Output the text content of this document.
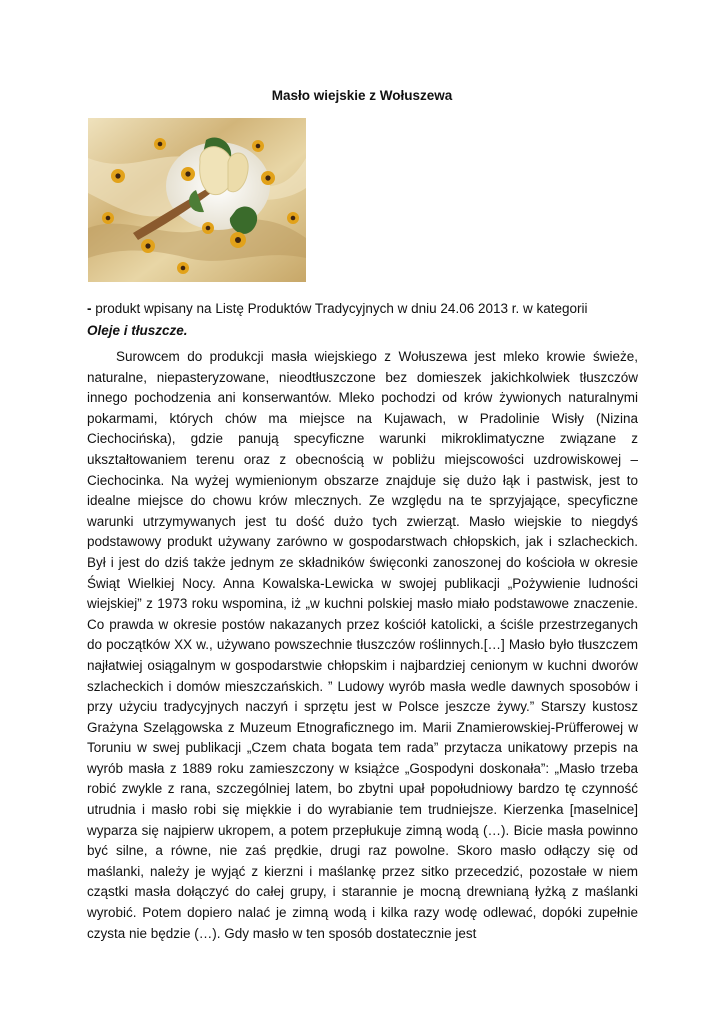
Masło wiejskie z Wołuszewa
- produkt wpisany na Listę Produktów Tradycyjnych w dniu 24.06 2013 r. w kategorii
Oleje i tłuszcze.

Surowcem do produkcji masła wiejskiego z Wołuszewa jest mleko krowie świeże, naturalne, niepasteryzowane, nieodtłuszczone bez domieszek jakichkolwiek tłuszczów innego pochodzenia ani konserwantów. Mleko pochodzi od krów żywionych naturalnymi pokarmami, których chów ma miejsce na Kujawach, w Pradolinie Wisły (Nizina Ciechocińska), gdzie panują specyficzne warunki mikroklimatyczne związane z ukształtowaniem terenu oraz z obecnością w pobliżu miejscowości uzdrowiskowej – Ciechocinka. Na wyżej wymienionym obszarze znajduje się dużo łąk i pastwisk, jest to idealne miejsce do chowu krów mlecznych. Ze względu na te sprzyjające, specyficzne warunki utrzymywanych jest tu dość dużo tych zwierząt. Masło wiejskie to niegdyś podstawowy produkt używany zarówno w gospodarstwach chłopskich, jak i szlacheckich. Był i jest do dziś także jednym ze składników święconki zanoszonej do kościoła w okresie Świąt Wielkiej Nocy. Anna Kowalska-Lewicka w swojej publikacji „Pożywienie ludności wiejskiej” z 1973 roku wspomina, iż „w kuchni polskiej masło miało podstawowe znaczenie. Co prawda w okresie postów nakazanych przez kościół katolicki, a ściśle przestrzeganych do początków XX w., używano powszechnie tłuszczów roślinnych.[…] Masło było tłuszczem najłatwiej osiągalnym w gospodarstwie chłopskim i najbardziej cenionym w kuchni dworów szlacheckich i domów mieszczańskich. ” Ludowy wyrób masła wedle dawnych sposobów i przy użyciu tradycyjnych naczyń i sprzętu jest w Polsce jeszcze żywy.” Starszy kustosz Grażyna Szelągowska z Muzeum Etnograficznego im. Marii Znamierowskiej-Prüfferowej w Toruniu w swej publikacji „Czem chata bogata tem rada” przytacza unikatowy przepis na wyrób masła z 1889 roku zamieszczony w książce „Gospodyni doskonała”: „Masło trzeba robić zwykle z rana, szczególniej latem, bo zbytni upał popołudniowy bardzo tę czynność utrudnia i masło robi się miękkie i do wyrabianie tem trudniejsze. Kierzenka [maselnice] wyparza się najpierw ukropem, a potem przepłukuje zimną wodą (…). Bicie masła powinno być silne, a równe, nie zaś prędkie, drugi raz powolne. Skoro masło odłączy się od maślanki, należy je wyjąć z kierzni i maślankę przez sitko przecedzić, pozostałe w niem cząstki masła dołączyć do całej grupy, i starannie je mocną drewnianą łyżką z maślanki wyrobić. Potem dopiero nalać je zimną wodą i kilka razy wodę odlewać, dopóki zupełnie czysta nie będzie (…). Gdy masło w ten sposób dostatecznie jest
